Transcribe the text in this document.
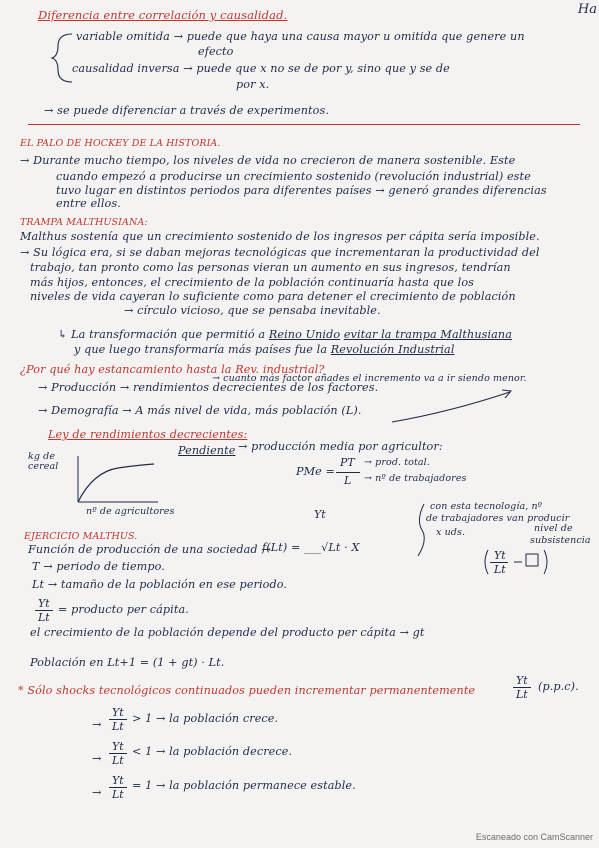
Ha
Diferencia entre correlación y causalidad.
variable omitida → puede que haya una causa mayor u omitida que genere un
efecto
causalidad inversa → puede que x no se de por y, sino que y se de
por x.
→ se puede diferenciar a través de experimentos.
EL PALO DE HOCKEY DE LA HISTORIA.
→ Durante mucho tiempo, los niveles de vida no crecieron de manera sostenible. Este
cuando empezó a producirse un crecimiento sostenido (revolución industrial) este
tuvo lugar en distintos periodos para diferentes países → generó grandes diferencias
entre ellos.
TRAMPA MALTHUSIANA:
Malthus sostenía que un crecimiento sostenido de los ingresos per cápita sería imposible.
→ Su lógica era, si se daban mejoras tecnológicas que incrementaran la productividad del
trabajo, tan pronto como las personas vieran un aumento en sus ingresos, tendrían
más hijos, entonces, el crecimiento de la población continuaría hasta que los
niveles de vida cayeran lo suficiente como para detener el crecimiento de población
→ círculo vicioso, que se pensaba inevitable.
↳ La transformación que permitió a Reino Unido evitar la trampa Malthusiana
y que luego transformaría más países fue la Revolución Industrial
¿Por qué hay estancamiento hasta la Rev. industrial?
→ Producción → rendimientos decrecientes de los factores.
→ cuanto más factor añades el incremento va a ir siendo menor.
→ Demografía → A más nivel de vida, más población (L).
Ley de rendimientos decrecientes:
kg de cereal
nº de agricultores
Pendiente → producción media por agricultor:
PMe =
PT
L
→ prod. total.
→ nº de trabajadores
EJERCICIO MALTHUS.
Yt
Función de producción de una sociedad →
f(Lt) = ___√Lt · X
con esta tecnología, nº
de trabajadores van producir
x uds.	nivel de
subsistencia
Yt
Lt
T → periodo de tiempo.
Lt → tamaño de la población en ese periodo.
Yt
Lt
= producto per cápita.
el crecimiento de la población depende del producto per cápita → gt
Población en Lt+1 = (1 + gt) · Lt.
* Sólo shocks tecnológicos continuados pueden incrementar permanentemente
Yt
Lt
(p.p.c).
→
Yt
Lt
> 1 → la población crece.
→
Yt
Lt
< 1 → la población decrece.
→
Yt
Lt
= 1 → la población permanece estable.
Escaneado con CamScanner
